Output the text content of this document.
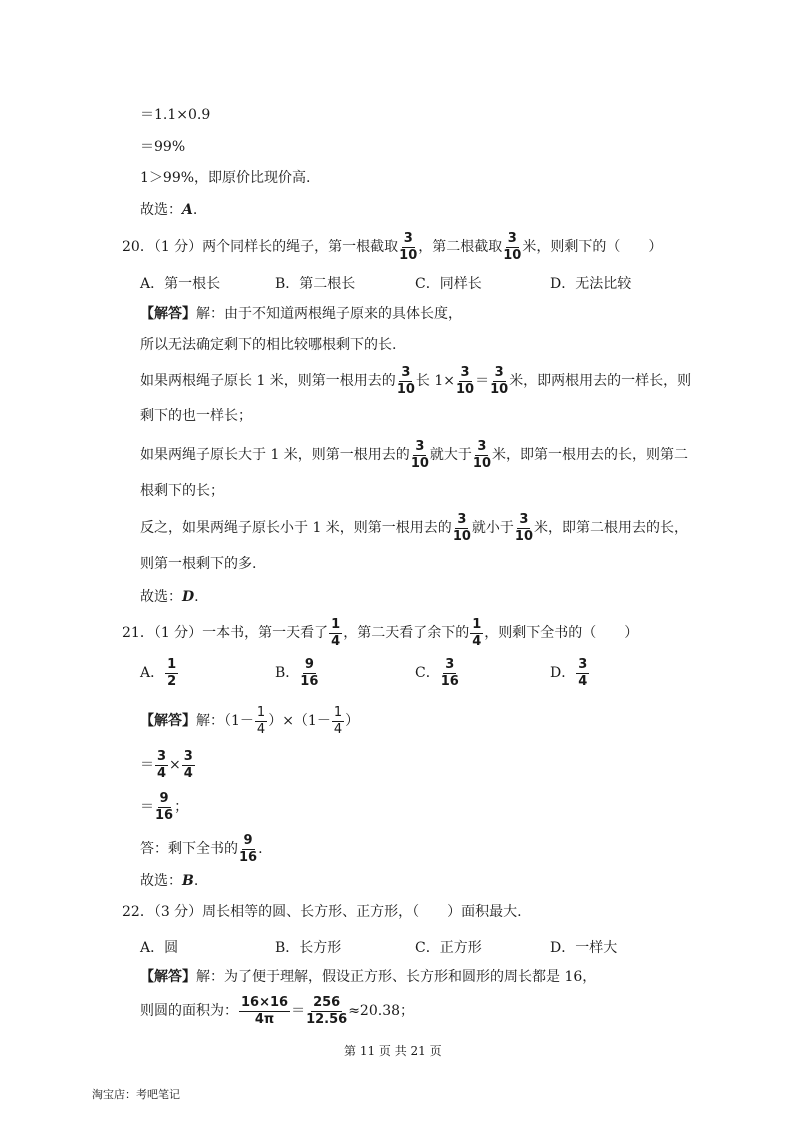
＝1.1×0.9
＝99%
1＞99%，即原价比现价高.
故选：A.
20．（1 分）两个同样长的绳子，第一根截取 $\frac{3}{10}$ ，第二根截取 $\frac{3}{10}$ 米，则剩下的（　　）
A．第一根长	B．第二根长	C．同样长	D．无法比较
【解答】解：由于不知道两根绳子原来的具体长度，
所以无法确定剩下的相比较哪根剩下的长.
如果两根绳子原长 1 米，则第一根用去的 $\frac{3}{10}$ 长 $1\times \frac{3}{10} = \frac{3}{10}$ 米，即两根用去的一样长，则
剩下的也一样长；
如果两绳子原长大于 1 米，则第一根用去的 $\frac{3}{10}$ 就大于 $\frac{3}{10}$ 米，即第一根用去的长，则第二
根剩下的长；
反之，如果两绳子原长小于 1 米，则第一根用去的 $\frac{3}{10}$ 就小于 $\frac{3}{10}$ 米，即第二根用去的长，
则第一根剩下的多.
故选：D.
21．（1 分）一本书，第一天看了 $\frac{1}{4}$ ，第二天看了余下的 $\frac{1}{4}$ ，则剩下全书的（　　）
A． $\frac{1}{2}$	B． $\frac{9}{16}$	C． $\frac{3}{16}$	D． $\frac{3}{4}$
【解答】解：$(1- \frac{1}{4} )\times(1- \frac{1}{4}$ ）
＝ $\frac{3}{4} \times \frac{3}{4}$
＝ $\frac{9}{16}$ ；
答：剩下全书的 $\frac{9}{16}$ .
故选：B.
22．（3 分）周长相等的圆、长方形、正方形，（　　）面积最大.
A．圆	B．长方形	C．正方形	D．一样大
【解答】解：为了便于理解，假设正方形、长方形和圆形的周长都是 16，
则圆的面积为： $\frac{16\times 16}{4\pi} = \frac{256}{12.56} \approx 20.38$；
第 11 页 共 21 页
淘宝店：考吧笔记
